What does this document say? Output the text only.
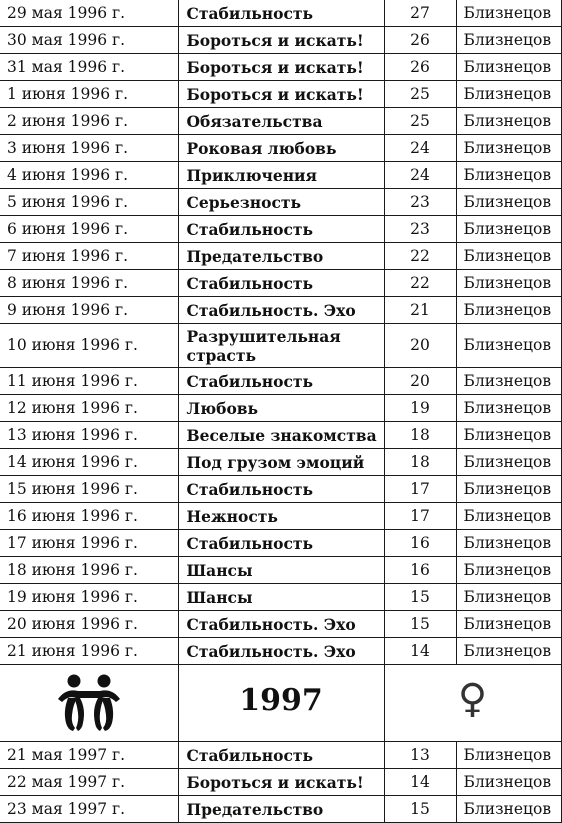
29 мая 1996 г.	Стабильность	27	Близнецов
30 мая 1996 г.	Бороться и искать!	26	Близнецов
31 мая 1996 г.	Бороться и искать!	26	Близнецов
1 июня 1996 г.	Бороться и искать!	25	Близнецов
2 июня 1996 г.	Обязательства	25	Близнецов
3 июня 1996 г.	Роковая любовь	24	Близнецов
4 июня 1996 г.	Приключения	24	Близнецов
5 июня 1996 г.	Серьезность	23	Близнецов
6 июня 1996 г.	Стабильность	23	Близнецов
7 июня 1996 г.	Предательство	22	Близнецов
8 июня 1996 г.	Стабильность	22	Близнецов
9 июня 1996 г.	Стабильность. Эхо	21	Близнецов
10 июня 1996 г.	Разрушительная страсть	20	Близнецов
11 июня 1996 г.	Стабильность	20	Близнецов
12 июня 1996 г.	Любовь	19	Близнецов
13 июня 1996 г.	Веселые знакомства	18	Близнецов
14 июня 1996 г.	Под грузом эмоций	18	Близнецов
15 июня 1996 г.	Стабильность	17	Близнецов
16 июня 1996 г.	Нежность	17	Близнецов
17 июня 1996 г.	Стабильность	16	Близнецов
18 июня 1996 г.	Шансы	16	Близнецов
19 июня 1996 г.	Шансы	15	Близнецов
20 июня 1996 г.	Стабильность. Эхо	15	Близнецов
21 июня 1996 г.	Стабильность. Эхо	14	Близнецов

	1997	♀	
21 мая 1997 г.	Стабильность	13	Близнецов
22 мая 1997 г.	Бороться и искать!	14	Близнецов
23 мая 1997 г.	Предательство	15	Близнецов
